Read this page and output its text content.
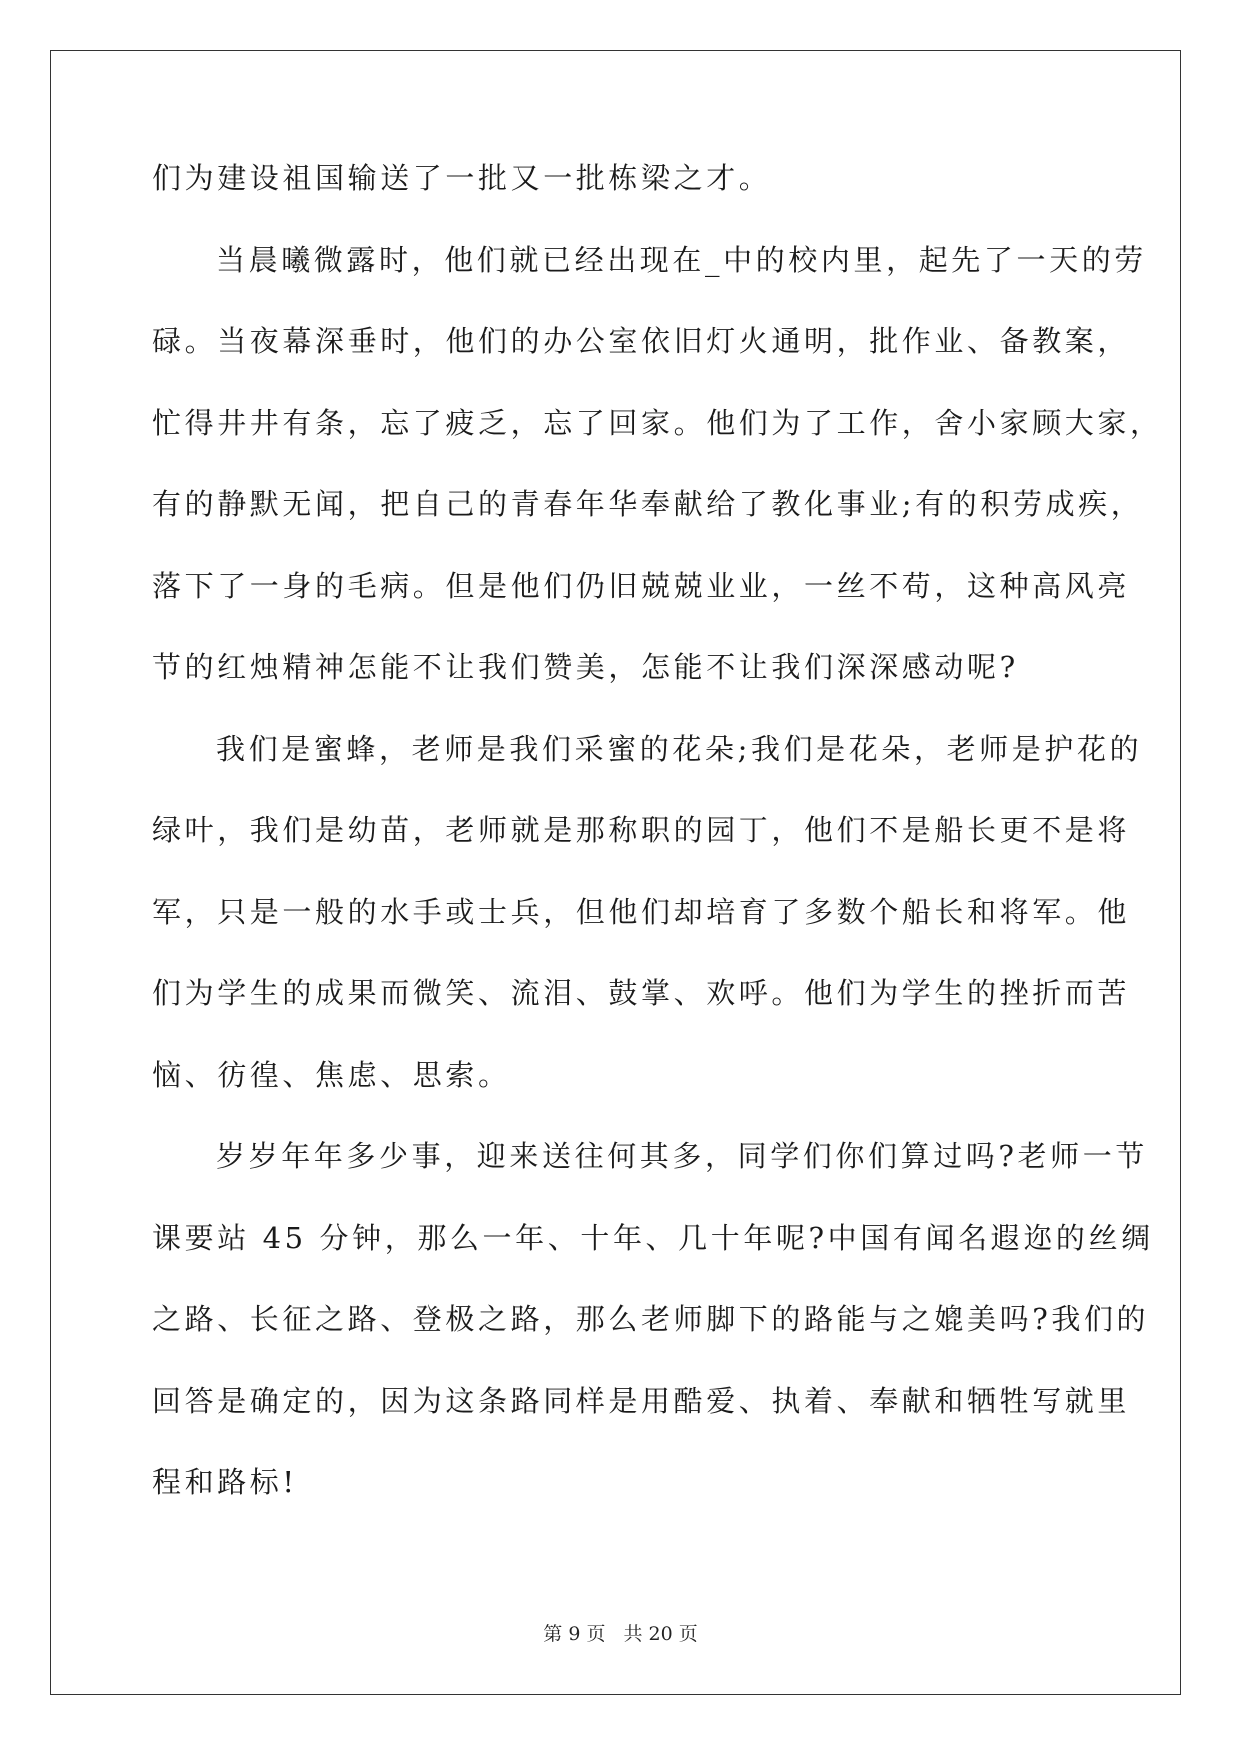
们为建设祖国输送了一批又一批栋梁之才。
当晨曦微露时，他们就已经出现在_中的校内里，起先了一天的劳
碌。当夜幕深垂时，他们的办公室依旧灯火通明，批作业、备教案，
忙得井井有条，忘了疲乏，忘了回家。他们为了工作，舍小家顾大家，
有的静默无闻，把自己的青春年华奉献给了教化事业;有的积劳成疾，
落下了一身的毛病。但是他们仍旧兢兢业业，一丝不苟，这种高风亮
节的红烛精神怎能不让我们赞美，怎能不让我们深深感动呢?
我们是蜜蜂，老师是我们采蜜的花朵;我们是花朵，老师是护花的
绿叶，我们是幼苗，老师就是那称职的园丁，他们不是船长更不是将
军，只是一般的水手或士兵，但他们却培育了多数个船长和将军。他
们为学生的成果而微笑、流泪、鼓掌、欢呼。他们为学生的挫折而苦
恼、彷徨、焦虑、思索。
岁岁年年多少事，迎来送往何其多，同学们你们算过吗?老师一节
课要站 45 分钟，那么一年、十年、几十年呢?中国有闻名遐迩的丝绸
之路、长征之路、登极之路，那么老师脚下的路能与之媲美吗?我们的
回答是确定的，因为这条路同样是用酷爱、执着、奉献和牺牲写就里
程和路标!
第 9 页 共 20 页
